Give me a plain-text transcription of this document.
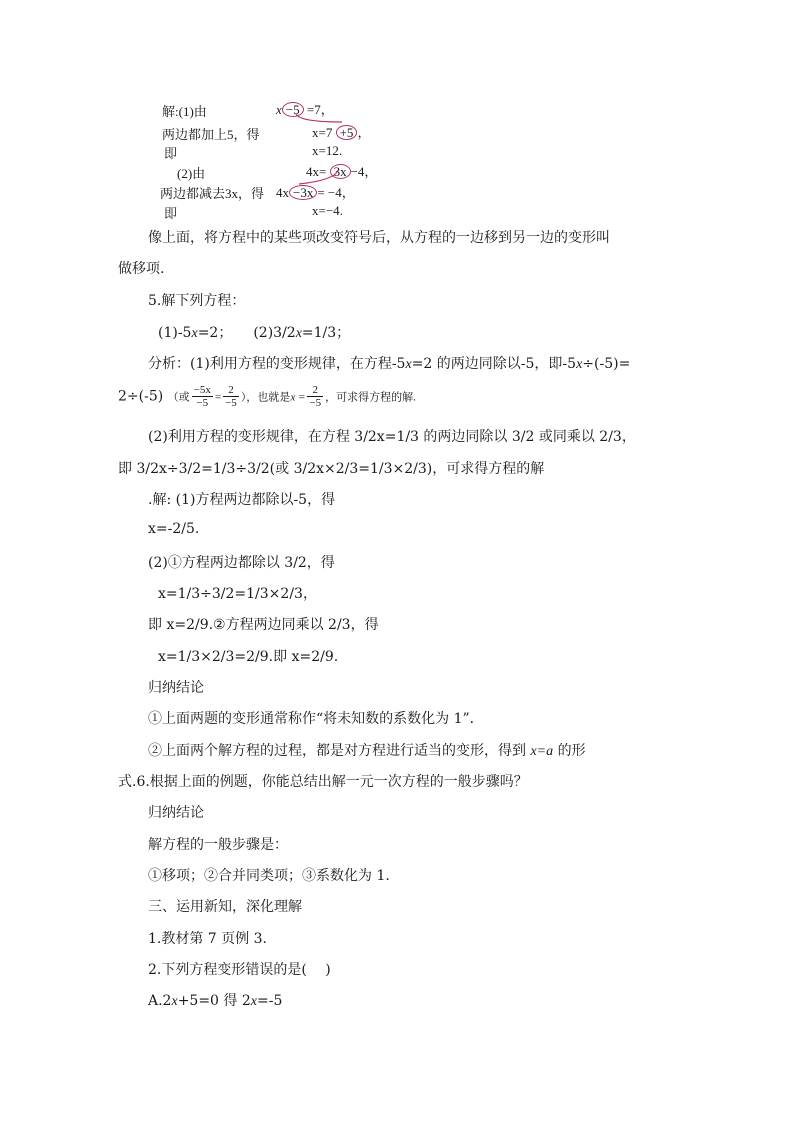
解:(1)由	x −5 =7，
两边都加上5，得	x=7 +5 ，
即	x=12.
(2)由	4x= 3x −4，
两边都减去3x，得 4x −3x = −4，
即	x=−4.
像上面，将方程中的某些项改变符号后，从方程的一边移到另一边的变形叫
做移项.
5.解下列方程：
(1)-5x=2；　　(2)3/2x=1/3；
分析：(1)利用方程的变形规律，在方程-5x=2 的两边同除以-5，即-5x÷(-5)=
2÷(-5) （或 $\frac{-5x}{-5} = \frac{2}{-5}$ ），也就是$x = \frac{2}{-5}$ ，可求得方程的解.
(2)利用方程的变形规律，在方程 3/2x=1/3 的两边同除以 3/2 或同乘以 2/3，
即 3/2x÷3/2=1/3÷3/2(或 3/2x×2/3=1/3×2/3)，可求得方程的解
.解: (1)方程两边都除以-5，得
x=-2/5.
(2)①方程两边都除以 3/2，得
x=1/3÷3/2=1/3×2/3，
即 x=2/9.②方程两边同乘以 2/3，得
x=1/3×2/3=2/9.即 x=2/9.
归纳结论
①上面两题的变形通常称作“将未知数的系数化为 1”．
②上面两个解方程的过程，都是对方程进行适当的变形，得到 x=a 的形
式.6.根据上面的例题，你能总结出解一元一次方程的一般步骤吗？
归纳结论
解方程的一般步骤是：
①移项；②合并同类项；③系数化为 1.
三、运用新知，深化理解
1.教材第 7 页例 3.
2.下列方程变形错误的是(　 )
A.2x+5=0 得 2x=-5
